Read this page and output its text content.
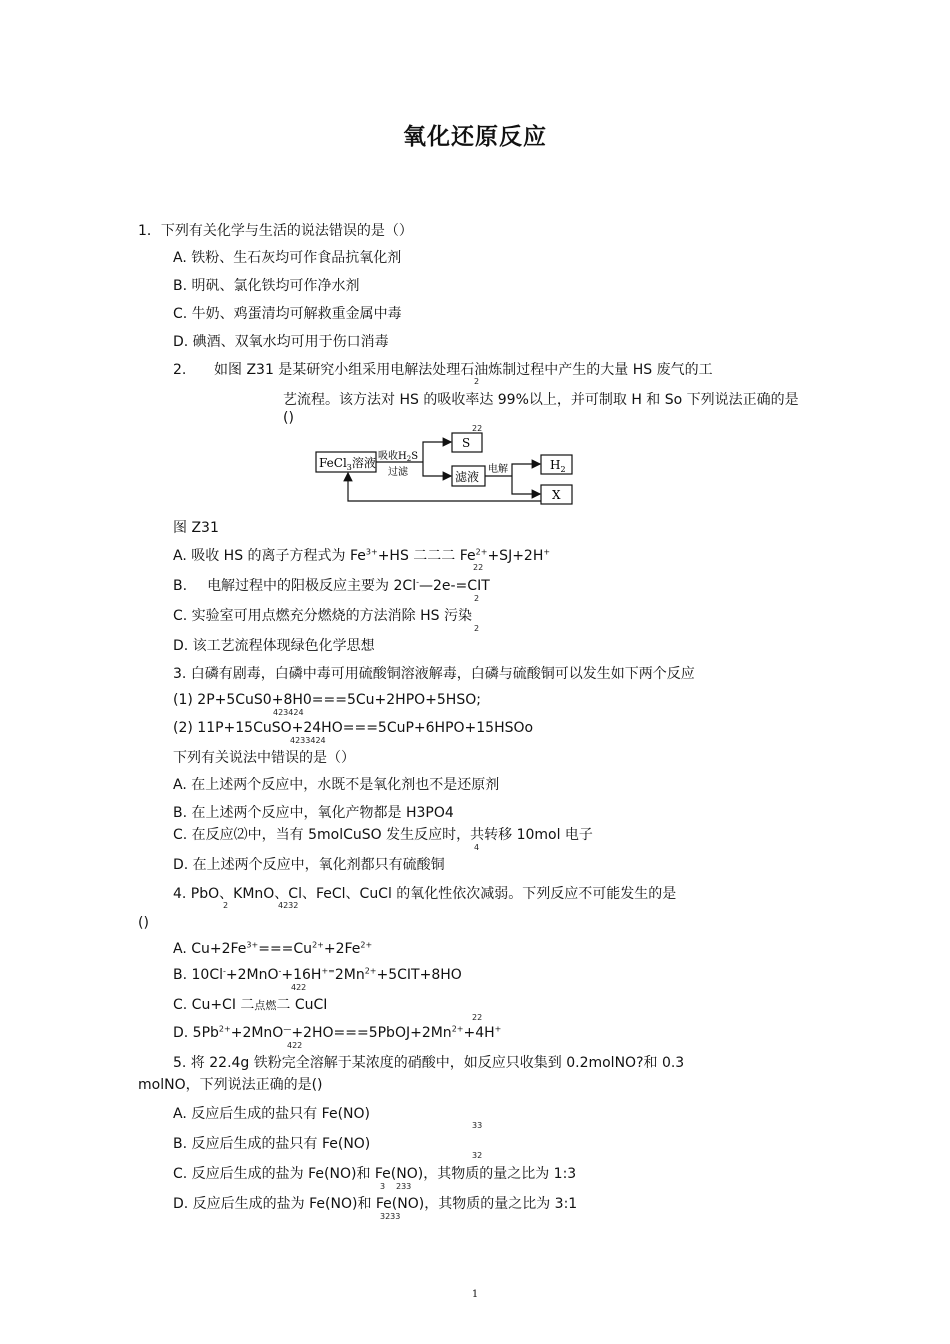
氧化还原反应
1．下列有关化学与生活的说法错误的是（）
A. 铁粉、生石灰均可作食品抗氧化剂
B. 明矾、氯化铁均可作净水剂
C. 牛奶、鸡蛋清均可解救重金属中毒
D. 碘酒、双氧水均可用于伤口消毒
2. 如图 Z31 是某研究小组采用电解法处理石油炼制过程中产生的大量 HS 废气的工
2
艺流程。该方法对 HS 的吸收率达 99%以上，并可制取 H 和 So 下列说法正确的是
()
22
FeCl$_3$溶液 吸收$H_2S$
过滤
S
滤液
电解	$H_2$
X
图 Z31
A. 吸收 HS 的离子方程式为 $Fe^{3+}+HS$ 二二二 $Fe^{2+}+SJ+2H^+$
22
B. 电解过程中的阳极反应主要为 2Cl-—2e-=CIT
2
C. 实验室可用点燃充分燃烧的方法消除 HS 污染
2
D. 该工艺流程体现绿色化学思想
3. 白磷有剧毒，白磷中毒可用硫酸铜溶液解毒，白磷与硫酸铜可以发生如下两个反应
(1) 2P+5CuS0+8H0===5Cu+2HPO+5HSO;
423424
(2) 11P+15CuSO+24HO===5CuP+6HPO+15HSOo
4233424
下列有关说法中错误的是（）
A. 在上述两个反应中，水既不是氧化剂也不是还原剂
B. 在上述两个反应中，氧化产物都是 H3PO4
C. 在反应⑵中，当有 5molCuSO 发生反应时，共转移 10mol 电子
4
D. 在上述两个反应中，氧化剂都只有硫酸铜
4. PbO、KMnO、Cl、FeCl、CuCl 的氧化性依次减弱。下列反应不可能发生的是
2	4232
()
A. $Cu+2Fe^{3+}===Cu^{2+}+2Fe^{2+}$
B. $10Cl^-+2MnO^-+16H^{+=}2Mn^{2+}+5CIT+8HO$
422
C. Cu+CI 二点燃二 CuCI
22
D. $5Pb^{2+}+2MnO^—+2HO===5PbOJ+2Mn^{2+}+4H^+$
422
5. 将 22.4g 铁粉完全溶解于某浓度的硝酸中，如反应只收集到 0.2molNO?和 0.3
molNO，下列说法正确的是()
A. 反应后生成的盐只有 Fe(NO)
33
B. 反应后生成的盐只有 Fe(NO)
32
C. 反应后生成的盐为 Fe(NO)和 Fe(NO)，其物质的量之比为 1:3
3 233
D. 反应后生成的盐为 Fe(NO)和 Fe(NO)，其物质的量之比为 3:1
3233
1
